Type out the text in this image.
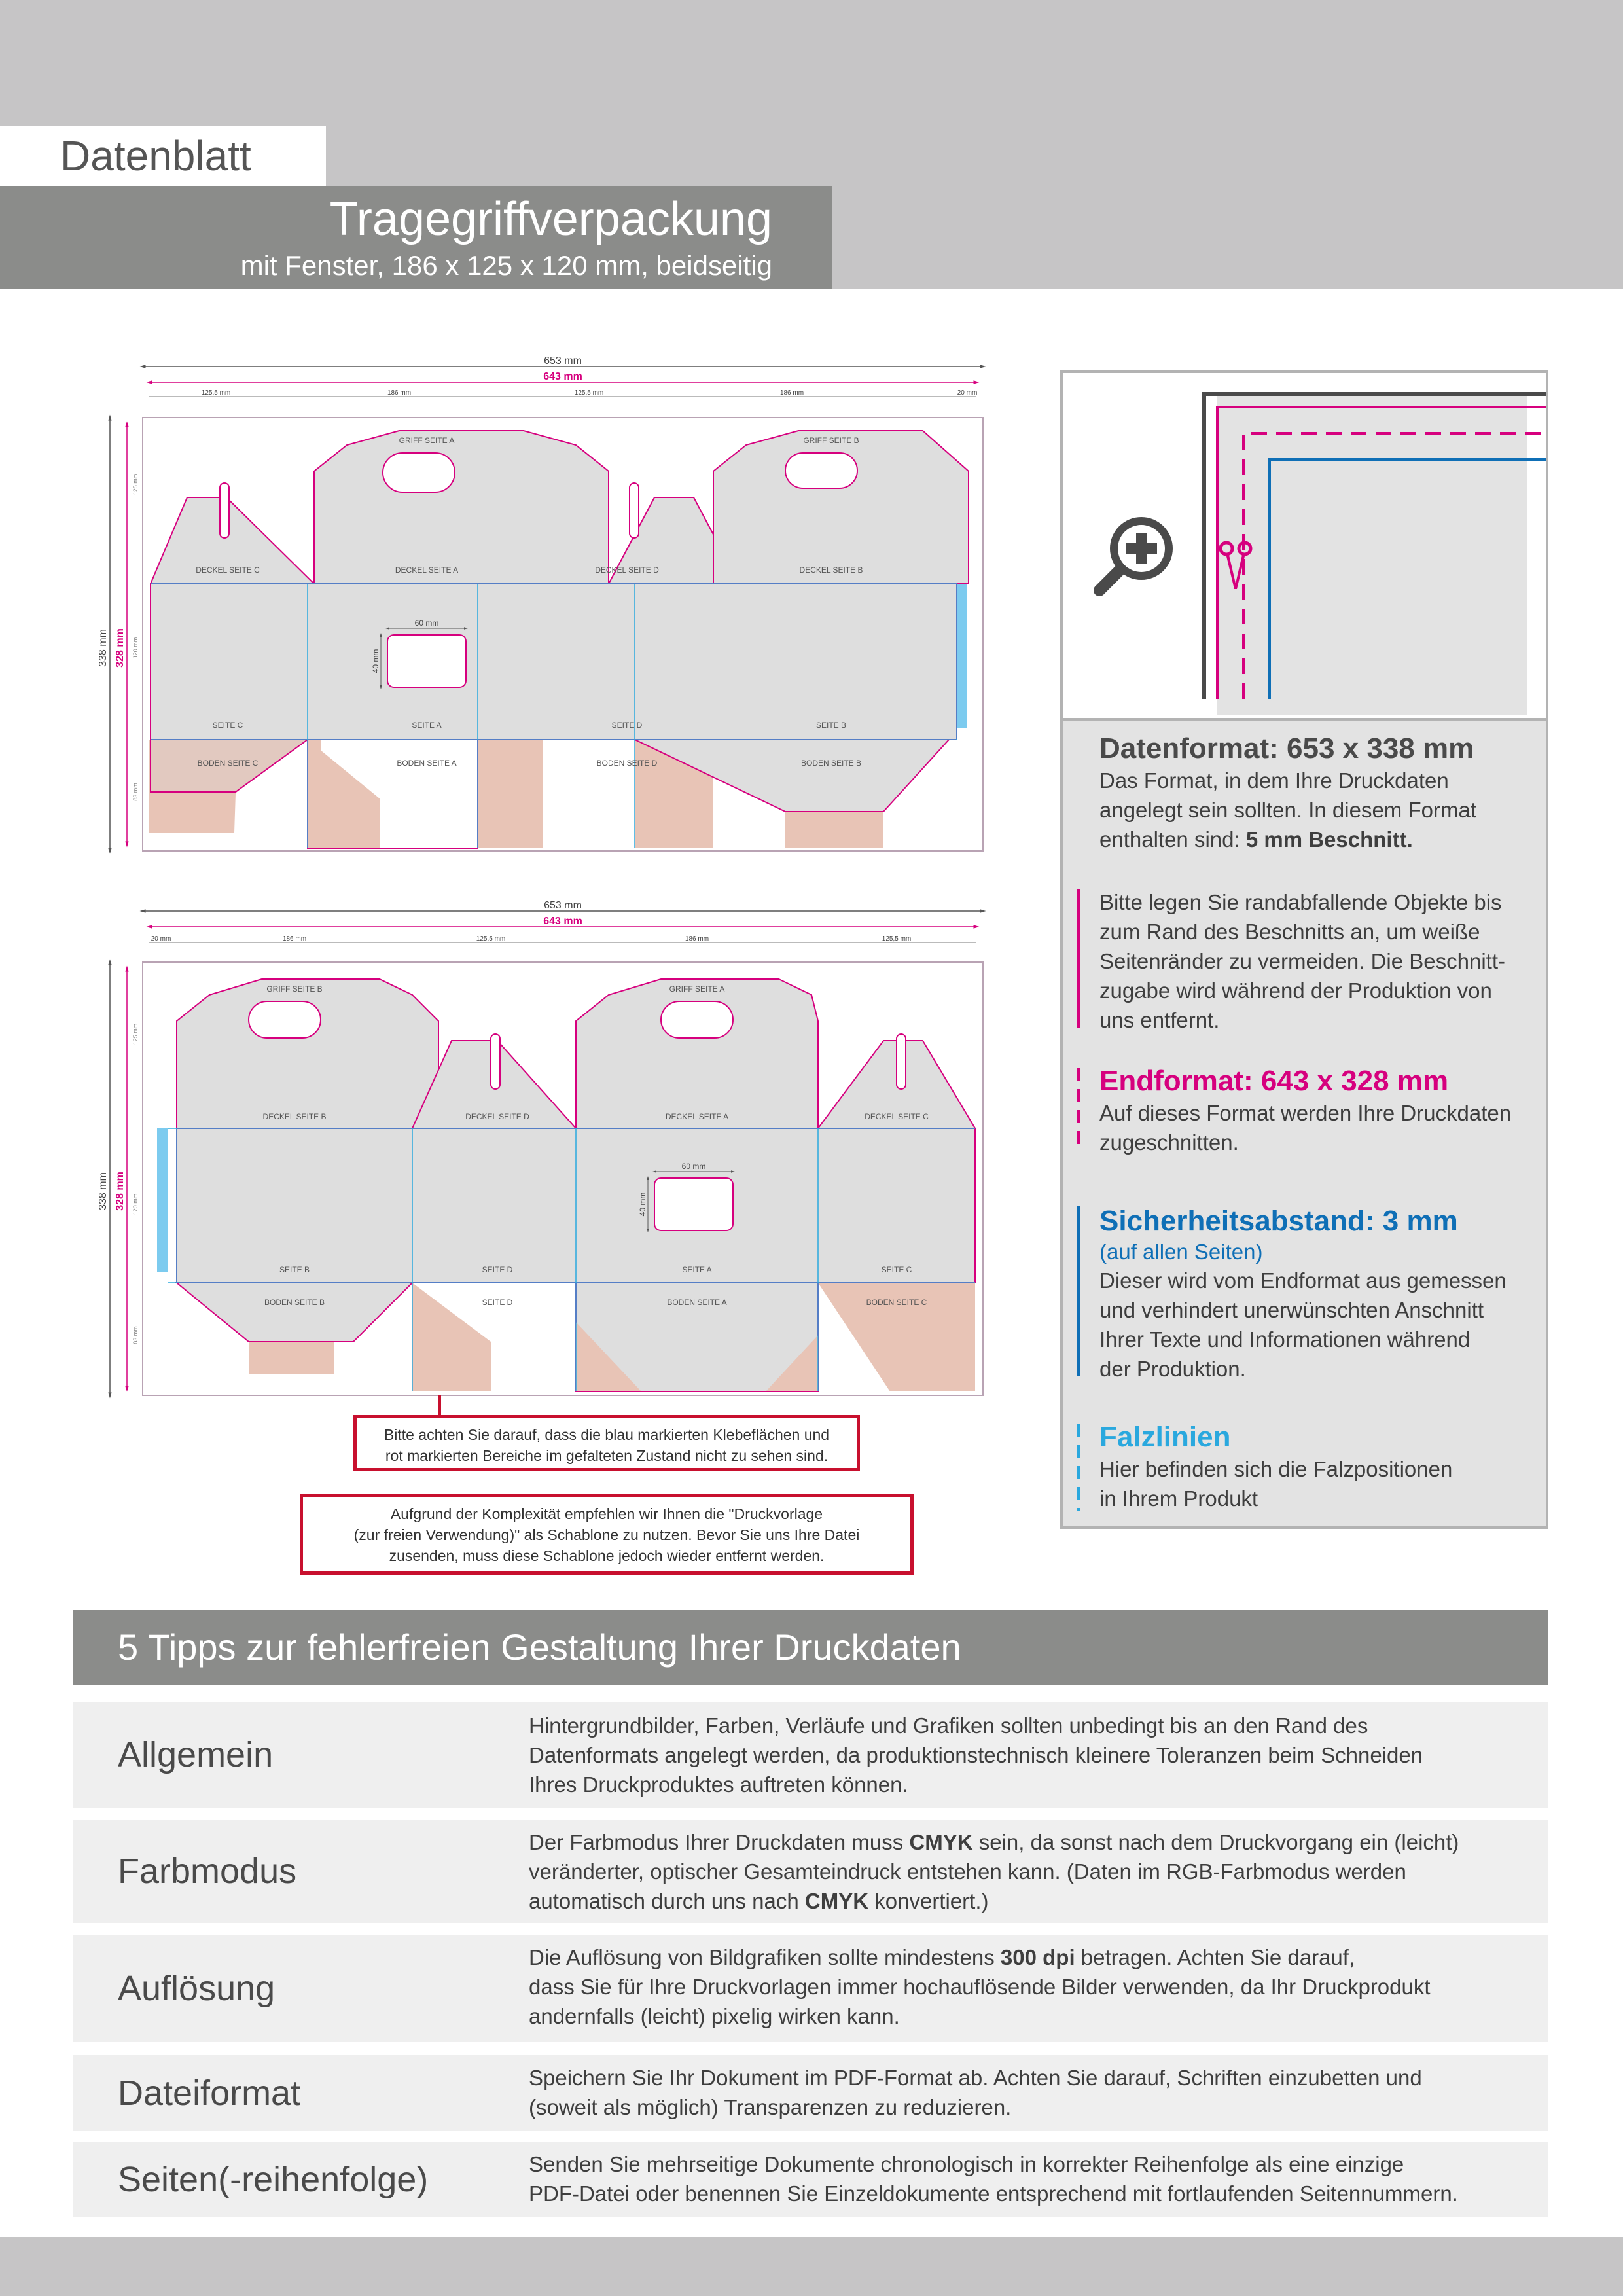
Datenblatt
Tragegriffverpackung
mit Fenster, 186 x 125 x 120 mm, beidseitig
653 mm
643 mm
125,5 mm	186 mm	125,5 mm	186 mm	20 mm
338 mm 328 mm
125 mm
120 mm
83 mm
60 mm
40 mm
GRIFF SEITE A	GRIFF SEITE B
DECKEL SEITE C	DECKEL SEITE A	DECKEL SEITE D	DECKEL SEITE B
SEITE C	SEITE A	SEITE D	SEITE B
BODEN SEITE C	BODEN SEITE A	BODEN SEITE D	BODEN SEITE B
653 mm
643 mm
20 mm	186 mm	125,5 mm	186 mm	125,5 mm
338 mm 328 mm
125 mm
120 mm
83 mm
60 mm
40 mm
GRIFF SEITE B	GRIFF SEITE A
DECKEL SEITE B	DECKEL SEITE D	DECKEL SEITE A	DECKEL SEITE C
SEITE B	SEITE D	SEITE A	SEITE C
BODEN SEITE B	SEITE D	BODEN SEITE A	BODEN SEITE C
Bitte achten Sie darauf, dass die blau markierten Klebeflächen und
rot markierten Bereiche im gefalteten Zustand nicht zu sehen sind.
Aufgrund der Komplexität empfehlen wir Ihnen die "Druckvorlage
(zur freien Verwendung)" als Schablone zu nutzen. Bevor Sie uns Ihre Datei
zusenden, muss diese Schablone jedoch wieder entfernt werden.
Datenformat: 653 x 338 mm

Das Format, in dem Ihre Druckdaten

angelegt sein sollten. In diesem Format

enthalten sind: 5 mm Beschnitt.

Bitte legen Sie randabfallende Objekte bis

zum Rand des Beschnitts an, um weiße

Seitenränder zu vermeiden. Die Beschnitt-

zugabe wird während der Produktion von

uns entfernt.

Endformat: 643 x 328 mm

Auf dieses Format werden Ihre Druckdaten

zugeschnitten.

Sicherheitsabstand: 3 mm

(auf allen Seiten)

Dieser wird vom Endformat aus gemessen

und verhindert unerwünschten Anschnitt

Ihrer Texte und Informationen während

der Produktion.

Falzlinien

Hier befinden sich die Falzpositionen

in Ihrem Produkt

5 Tipps zur fehlerfreien Gestaltung Ihrer Druckdaten
Allgemein
Hintergrundbilder, Farben, Verläufe und Grafiken sollten unbedingt bis an den Rand des
Datenformats angelegt werden, da produktionstechnisch kleinere Toleranzen beim Schneiden
Ihres Druckproduktes auftreten können.
Farbmodus
Der Farbmodus Ihrer Druckdaten muss CMYK sein, da sonst nach dem Druckvorgang ein (leicht)
veränderter, optischer Gesamteindruck entstehen kann. (Daten im RGB-Farbmodus werden
automatisch durch uns nach CMYK konvertiert.)
Auflösung
Die Auflösung von Bildgrafiken sollte mindestens 300 dpi betragen. Achten Sie darauf,
dass Sie für Ihre Druckvorlagen immer hochauflösende Bilder verwenden, da Ihr Druckprodukt
andernfalls (leicht) pixelig wirken kann.
Dateiformat	Speichern Sie Ihr Dokument im PDF-Format ab. Achten Sie darauf, Schriften einzubetten und
(soweit als möglich) Transparenzen zu reduzieren.
Seiten(-reihenfolge)	Senden Sie mehrseitige Dokumente chronologisch in korrekter Reihenfolge als eine einzige
PDF-Datei oder benennen Sie Einzeldokumente entsprechend mit fortlaufenden Seitennummern.
